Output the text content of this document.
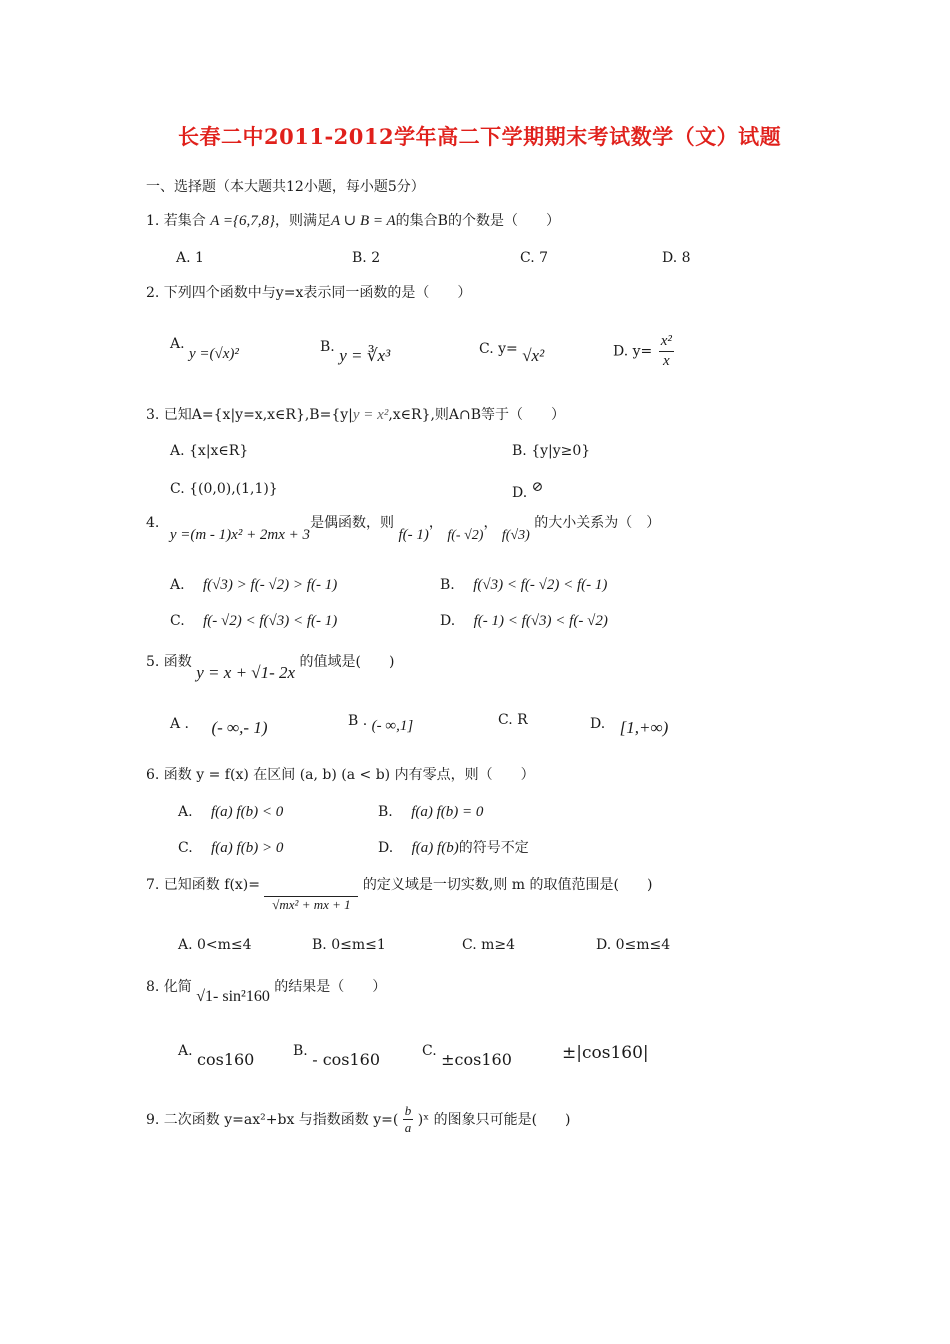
长春二中2011-2012学年高二下学期期末考试数学（文）试题
一、选择题（本大题共12小题，每小题5分）
1. 若集合 A ={6,7,8}，则满足A ∪ B = A的集合B的个数是（　　）
A. 1	B. 2	C. 7	D. 8
2. 下列四个函数中与y=x表示同一函数的是（　　）
A. y =(√x)²	B. y = ∛x³	C. y= √x²	D. $y= \frac{\text{x²}}{x}$
3. 已知A={x|y=x,x∈R},B={y|y = x²,x∈R},则A∩B等于（　　）
A. {x|x∈R}	B. {y|y≥0}
C. {(0,0),(1,1)}	D. ⊘
4. y =(m - 1)x² + 2mx + 3是偶函数，则 f(- 1)， f(- √2)， f(√3) 的大小关系为（　）
A. f(√3) > f(- √2) > f(- 1)	B. f(√3) < f(- √2) < f(- 1)
C. f(- √2) < f(√3) < f(- 1)	D. f(- 1) < f(√3) < f(- √2)
5. 函数 y = x + √1- 2x 的值域是(　　)
A . (- ∞,- 1)	B . (- ∞,1]	C. R	D. [1,+∞)
6. 函数 y = f(x) 在区间 (a, b) (a < b) 内有零点，则（　　）
A. f(a) f(b) < 0	B. f(a) f(b) = 0
C. f(a) f(b) > 0	D. f(a) f(b)的符号不定
7. 已知函数 f(x)=

√mx² + mx + 1
的定义域是一切实数,则 m 的取值范围是(　　)
A. 0<m≤4	B. 0≤m≤1	C. m≥4	D. 0≤m≤4
8. 化简 √1- sin²160 的结果是（　　）
A. cos160	B. - cos160	C. ±cos160	±|cos160|
9. 二次函数 y=ax²+bx 与指数函数 $y=( \frac{b}{a}$ )ˣ 的图象只可能是(　　)
